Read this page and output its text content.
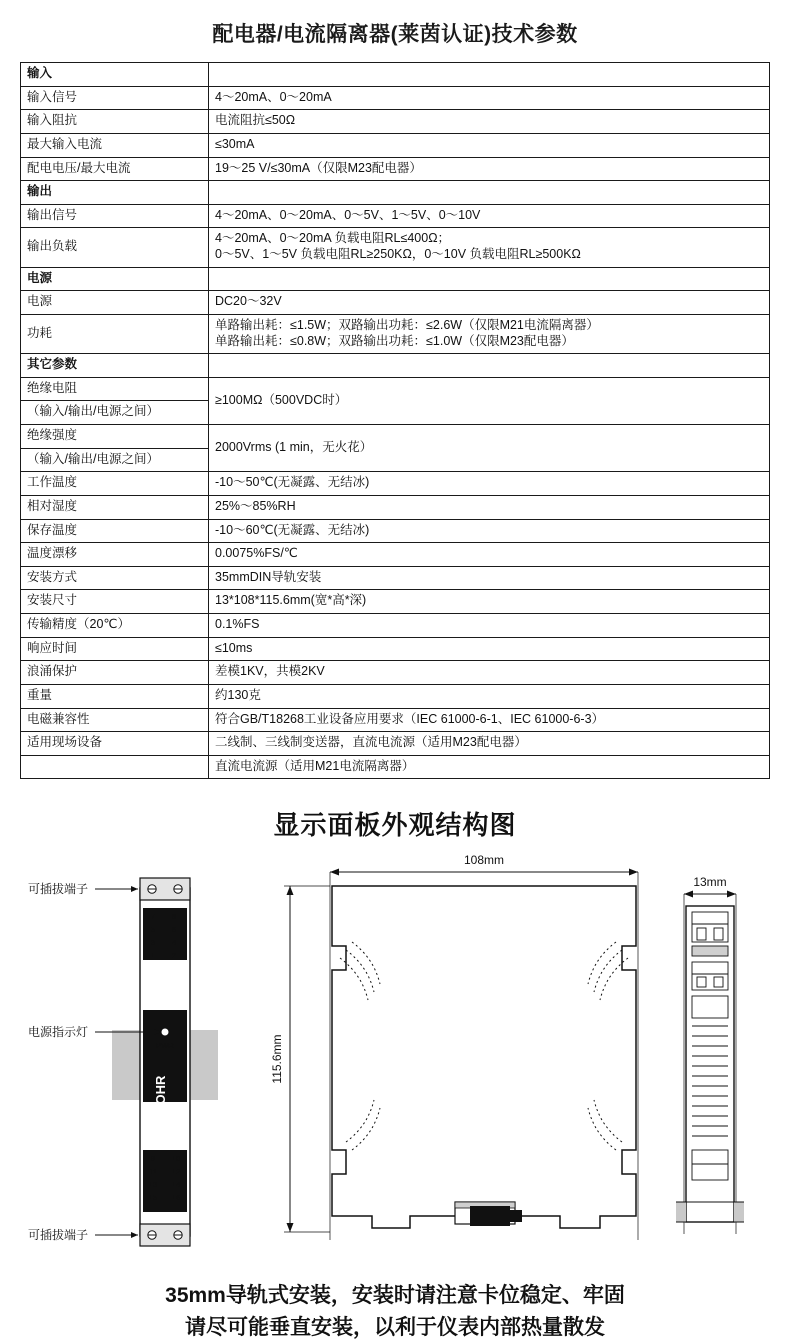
配电器/电流隔离器(莱茵认证)技术参数
输入	
输入信号	4～20mA、0～20mA
输入阻抗	电流阻抗≤50Ω
最大输入电流	≤30mA
配电电压/最大电流	19～25 V/≤30mA（仅限M23配电器）
输出	
输出信号	4～20mA、0～20mA、0～5V、1～5V、0～10V
输出负载	4～20mA、0～20mA 负载电阻RL≤400Ω；
0～5V、1～5V 负载电阻RL≥250KΩ，0～10V 负载电阻RL≥500KΩ

电源	
电源	DC20～32V
功耗	单路输出耗：≤1.5W；双路输出功耗：≤2.6W（仅限M21电流隔离器）
单路输出耗：≤0.8W；双路输出功耗：≤1.0W（仅限M23配电器）

其它参数	
绝缘电阻	≥100MΩ（500VDC时）
（输入/输出/电源之间）	
绝缘强度	2000Vrms (1 min，无火花）
（输入/输出/电源之间）	
工作温度	-10～50℃(无凝露、无结冰)
相对湿度	25%～85%RH
保存温度	-10～60℃(无凝露、无结冰)
温度漂移	0.0075%FS/℃
安装方式	35mmDIN导轨安装
安装尺寸	13*108*115.6mm(宽*高*深)
传输精度（20℃）	0.1%FS
响应时间	≤10ms
浪涌保护	差模1KV，共模2KV
重量	约130克
电磁兼容性	符合GB/T18268工业设备应用要求（IEC 61000-6-1、IEC 61000-6-3）
适用现场设备	二线制、三线制变送器，直流电流源（适用M23配电器）
	直流电流源（适用M21电流隔离器）
显示面板外观结构图
7 8
5 6
3 4
1 2
PWR
OHR
9 10
11 12
13 14
15 16
可插拔端子
电源指示灯
可插拔端子
108mm
115.6mm
13mm
35mm导轨式安装，安装时请注意卡位稳定、牢固
请尽可能垂直安装，以利于仪表内部热量散发
